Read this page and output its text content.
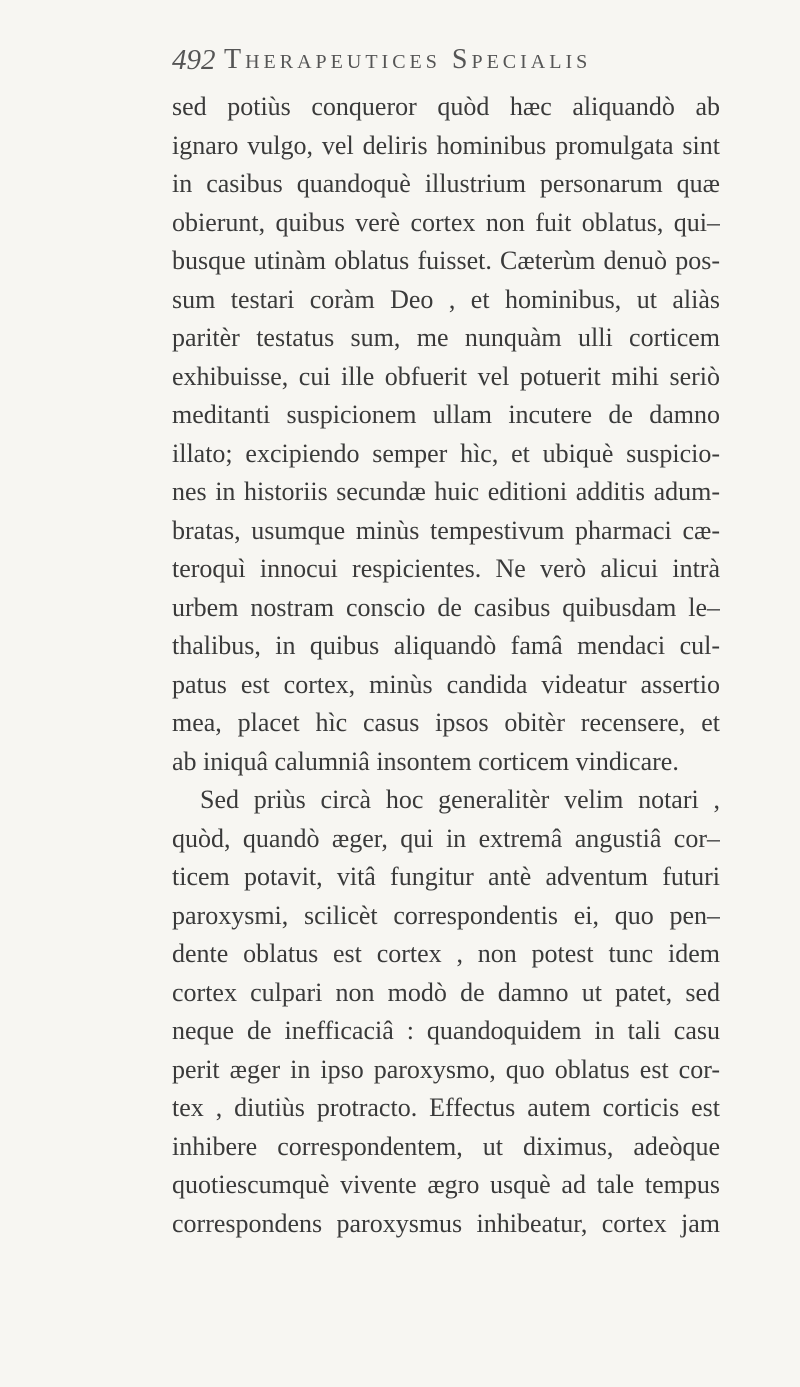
492 Therapeutices Specialis
sed potiùs conqueror quòd hæc aliquandò ab
ignaro vulgo, vel deliris hominibus promulgata sint
in casibus quandoquè illustrium personarum quæ
obierunt, quibus verè cortex non fuit oblatus, qui–
busque utinàm oblatus fuisset. Cæterùm denuò pos-
sum testari coràm Deo , et hominibus, ut aliàs
paritèr testatus sum, me nunquàm ulli corticem
exhibuisse, cui ille obfuerit vel potuerit mihi seriò
meditanti suspicionem ullam incutere de damno
illato; excipiendo semper hìc, et ubiquè suspicio-
nes in historiis secundæ huic editioni additis adum-
bratas, usumque minùs tempestivum pharmaci cæ-
teroquì innocui respicientes. Ne verò alicui intrà
urbem nostram conscio de casibus quibusdam le–
thalibus, in quibus aliquandò famâ mendaci cul-
patus est cortex, minùs candida videatur assertio
mea, placet hìc casus ipsos obitèr recensere, et
ab iniquâ calumniâ insontem corticem vindicare.
Sed priùs circà hoc generalitèr velim notari ,
quòd, quandò æger, qui in extremâ angustiâ cor–
ticem potavit, vitâ fungitur antè adventum futuri
paroxysmi, scilicèt correspondentis ei, quo pen–
dente oblatus est cortex , non potest tunc idem
cortex culpari non modò de damno ut patet, sed
neque de inefficaciâ : quandoquidem in tali casu
perit æger in ipso paroxysmo, quo oblatus est cor-
tex , diutiùs protracto. Effectus autem corticis est
inhibere correspondentem, ut diximus, adeòque
quotiescumquè vivente ægro usquè ad tale tempus
correspondens paroxysmus inhibeatur, cortex jam
